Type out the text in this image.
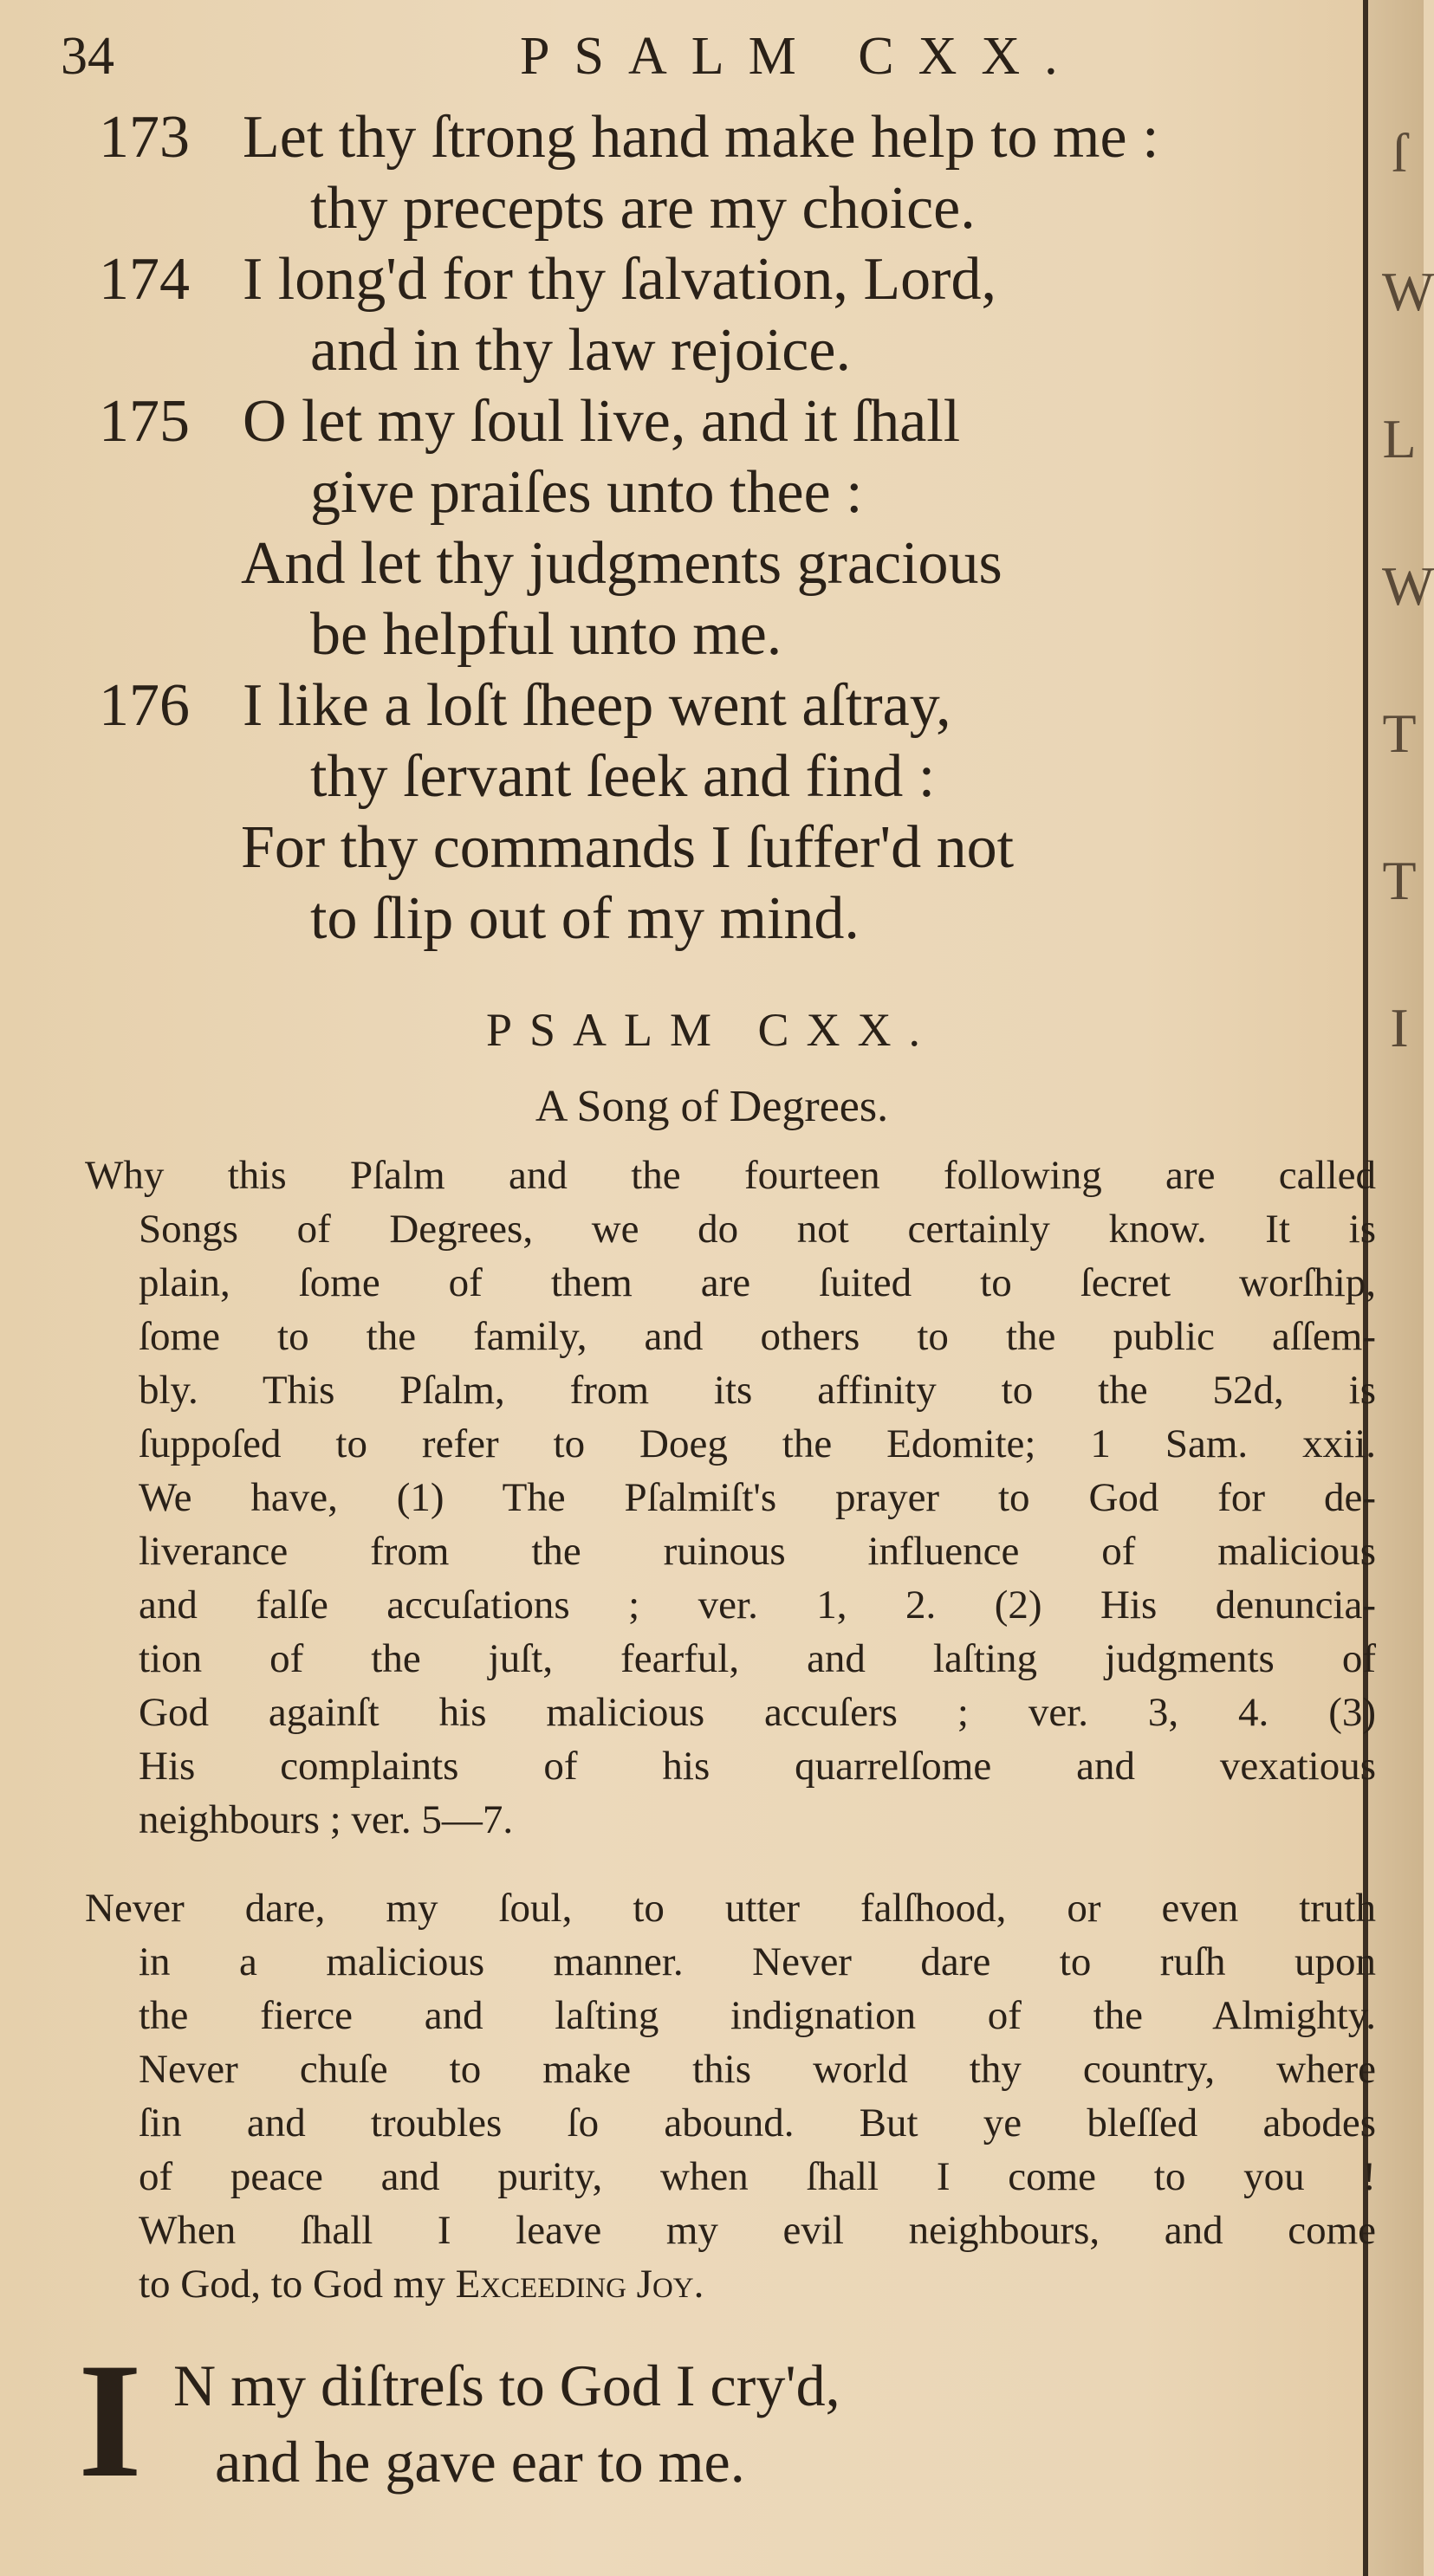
ſ
W
L
W
T
T
I
34	PSALM CXX.
173 Let thy ſtrong hand make help to me :
thy precepts are my choice.
174 I long'd for thy ſalvation, Lord,
and in thy law rejoice.
175 O let my ſoul live, and it ſhall
give praiſes unto thee :
And let thy judgments gracious
be helpful unto me.
176 I like a loſt ſheep went aſtray,
thy ſervant ſeek and find :
For thy commands I ſuffer'd not
to ſlip out of my mind.
PSALM CXX.
A Song of Degrees.
Why this Pſalm and the fourteen following are called
Songs of Degrees, we do not certainly know. It is
plain, ſome of them are ſuited to ſecret worſhip,
ſome to the family, and others to the public aſſem-
bly. This Pſalm, from its affinity to the 52d, is
ſuppoſed to refer to Doeg the Edomite; 1 Sam. xxii.
We have, (1) The Pſalmiſt's prayer to God for de-
liverance from the ruinous influence of malicious
and falſe accuſations ; ver. 1, 2. (2) His denuncia-
tion of the juſt, fearful, and laſting judgments of
God againſt his malicious accuſers ; ver. 3, 4. (3)
His complaints of his quarrelſome and vexatious
neighbours ; ver. 5—7.
Never dare, my ſoul, to utter falſhood, or even truth
in a malicious manner. Never dare to ruſh upon
the fierce and laſting indignation of the Almighty.
Never chuſe to make this world thy country, where
ſin and troubles ſo abound. But ye bleſſed abodes
of peace and purity, when ſhall I come to you !
When ſhall I leave my evil neighbours, and come
to God, to God my Exceeding Joy.
I N my diſtreſs to God I cry'd,
and he gave ear to me.
